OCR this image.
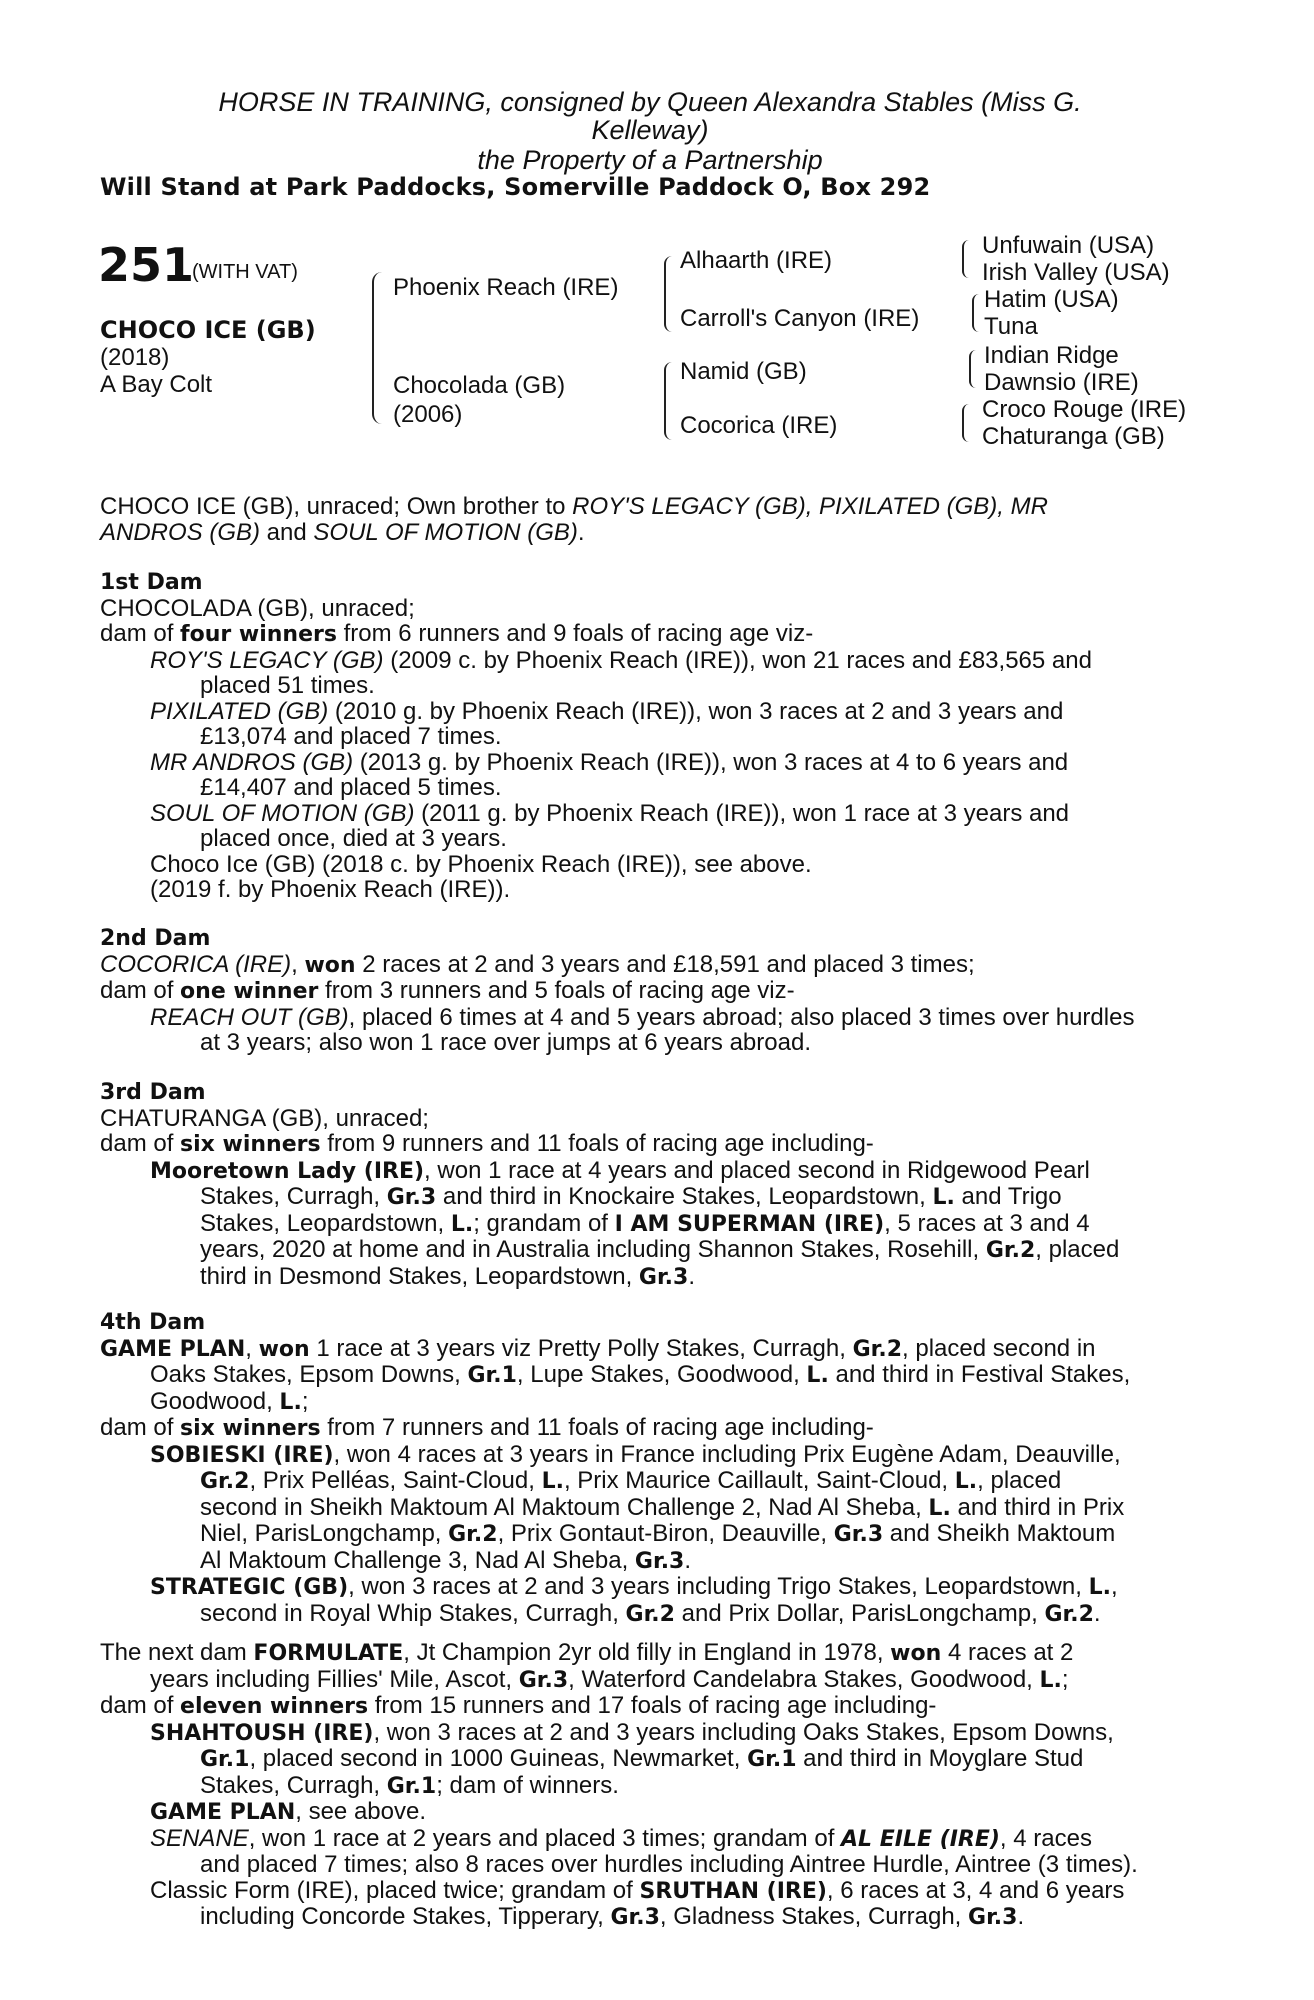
HORSE IN TRAINING, consigned by Queen Alexandra Stables (Miss G.
Kelleway)
the Property of a Partnership
Will Stand at Park Paddocks, Somerville Paddock O, Box 292
251
(WITH VAT)
CHOCO ICE (GB)
(2018)
A Bay Colt
Phoenix Reach (IRE)
Chocolada (GB)
(2006)
Alhaarth (IRE)
Carroll's Canyon (IRE)
Namid (GB)
Cocorica (IRE)
Unfuwain (USA)
Irish Valley (USA)
Hatim (USA)
Tuna
Indian Ridge
Dawnsio (IRE)
Croco Rouge (IRE)
Chaturanga (GB)
CHOCO ICE (GB), unraced; Own brother to ROY'S LEGACY (GB), PIXILATED (GB), MR
ANDROS (GB) and SOUL OF MOTION (GB).
1st Dam
CHOCOLADA (GB), unraced;
dam of four winners from 6 runners and 9 foals of racing age viz-
ROY'S LEGACY (GB) (2009 c. by Phoenix Reach (IRE)), won 21 races and £83,565 and
placed 51 times.
PIXILATED (GB) (2010 g. by Phoenix Reach (IRE)), won 3 races at 2 and 3 years and
£13,074 and placed 7 times.
MR ANDROS (GB) (2013 g. by Phoenix Reach (IRE)), won 3 races at 4 to 6 years and
£14,407 and placed 5 times.
SOUL OF MOTION (GB) (2011 g. by Phoenix Reach (IRE)), won 1 race at 3 years and
placed once, died at 3 years.
Choco Ice (GB) (2018 c. by Phoenix Reach (IRE)), see above.
(2019 f. by Phoenix Reach (IRE)).
2nd Dam
COCORICA (IRE), won 2 races at 2 and 3 years and £18,591 and placed 3 times;
dam of one winner from 3 runners and 5 foals of racing age viz-
REACH OUT (GB), placed 6 times at 4 and 5 years abroad; also placed 3 times over hurdles
at 3 years; also won 1 race over jumps at 6 years abroad.
3rd Dam
CHATURANGA (GB), unraced;
dam of six winners from 9 runners and 11 foals of racing age including-
Mooretown Lady (IRE), won 1 race at 4 years and placed second in Ridgewood Pearl
Stakes, Curragh, Gr.3 and third in Knockaire Stakes, Leopardstown, L. and Trigo
Stakes, Leopardstown, L.; grandam of I AM SUPERMAN (IRE), 5 races at 3 and 4
years, 2020 at home and in Australia including Shannon Stakes, Rosehill, Gr.2, placed
third in Desmond Stakes, Leopardstown, Gr.3.
4th Dam
GAME PLAN, won 1 race at 3 years viz Pretty Polly Stakes, Curragh, Gr.2, placed second in
Oaks Stakes, Epsom Downs, Gr.1, Lupe Stakes, Goodwood, L. and third in Festival Stakes,
Goodwood, L.;
dam of six winners from 7 runners and 11 foals of racing age including-
SOBIESKI (IRE), won 4 races at 3 years in France including Prix Eugène Adam, Deauville,
Gr.2, Prix Pelléas, Saint-Cloud, L., Prix Maurice Caillault, Saint-Cloud, L., placed
second in Sheikh Maktoum Al Maktoum Challenge 2, Nad Al Sheba, L. and third in Prix
Niel, ParisLongchamp, Gr.2, Prix Gontaut-Biron, Deauville, Gr.3 and Sheikh Maktoum
Al Maktoum Challenge 3, Nad Al Sheba, Gr.3.
STRATEGIC (GB), won 3 races at 2 and 3 years including Trigo Stakes, Leopardstown, L.,
second in Royal Whip Stakes, Curragh, Gr.2 and Prix Dollar, ParisLongchamp, Gr.2.
The next dam FORMULATE, Jt Champion 2yr old filly in England in 1978, won 4 races at 2
years including Fillies' Mile, Ascot, Gr.3, Waterford Candelabra Stakes, Goodwood, L.;
dam of eleven winners from 15 runners and 17 foals of racing age including-
SHAHTOUSH (IRE), won 3 races at 2 and 3 years including Oaks Stakes, Epsom Downs,
Gr.1, placed second in 1000 Guineas, Newmarket, Gr.1 and third in Moyglare Stud
Stakes, Curragh, Gr.1; dam of winners.
GAME PLAN, see above.
SENANE, won 1 race at 2 years and placed 3 times; grandam of AL EILE (IRE), 4 races
and placed 7 times; also 8 races over hurdles including Aintree Hurdle, Aintree (3 times).
Classic Form (IRE), placed twice; grandam of SRUTHAN (IRE), 6 races at 3, 4 and 6 years
including Concorde Stakes, Tipperary, Gr.3, Gladness Stakes, Curragh, Gr.3.
